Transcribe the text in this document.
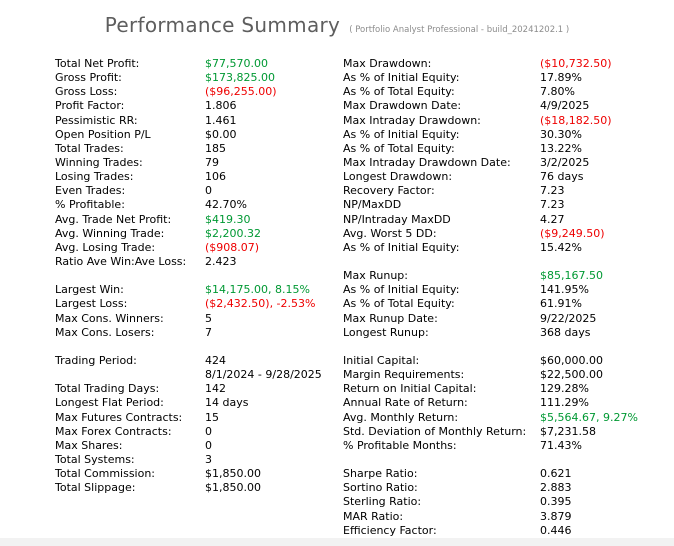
Performance Summary ( Portfolio Analyst Professional - build_20241202.1 )
Total Net Profit:	$77,570.00	Max Drawdown:	($10,732.50)
Gross Profit:	$173,825.00	As % of Initial Equity:	17.89%
Gross Loss:	($96,255.00)	As % of Total Equity:	7.80%
Profit Factor:	1.806	Max Drawdown Date:	4/9/2025
Pessimistic RR:	1.461	Max Intraday Drawdown:	($18,182.50)
Open Position P/L	$0.00	As % of Initial Equity:	30.30%
Total Trades:	185	As % of Total Equity:	13.22%
Winning Trades:	79	Max Intraday Drawdown Date:	3/2/2025
Losing Trades:	106	Longest Drawdown:	76 days
Even Trades:	0	Recovery Factor:	7.23
% Profitable:	42.70%	NP/MaxDD	7.23
Avg. Trade Net Profit:	$419.30	NP/Intraday MaxDD	4.27
Avg. Winning Trade:	$2,200.32	Avg. Worst 5 DD:	($9,249.50)
Avg. Losing Trade:	($908.07)	As % of Initial Equity:	15.42%
Ratio Ave Win:Ave Loss:	2.423
Max Runup:	$85,167.50
Largest Win:	$14,175.00, 8.15%	As % of Initial Equity:	141.95%
Largest Loss:	($2,432.50), -2.53%	As % of Total Equity:	61.91%
Max Cons. Winners:	5	Max Runup Date:	9/22/2025
Max Cons. Losers:	7	Longest Runup:	368 days
Trading Period:	424	Initial Capital:	$60,000.00
8/1/2024 - 9/28/2025	Margin Requirements:	$22,500.00
Total Trading Days:	142	Return on Initial Capital:	129.28%
Longest Flat Period:	14 days	Annual Rate of Return:	111.29%
Max Futures Contracts:	15	Avg. Monthly Return:	$5,564.67, 9.27%
Max Forex Contracts:	0	Std. Deviation of Monthly Return:	$7,231.58
Max Shares:	0	% Profitable Months:	71.43%
Total Systems:	3
Total Commission:	$1,850.00	Sharpe Ratio:	0.621
Total Slippage:	$1,850.00	Sortino Ratio:	2.883
Sterling Ratio:	0.395
MAR Ratio:	3.879
Efficiency Factor:	0.446
